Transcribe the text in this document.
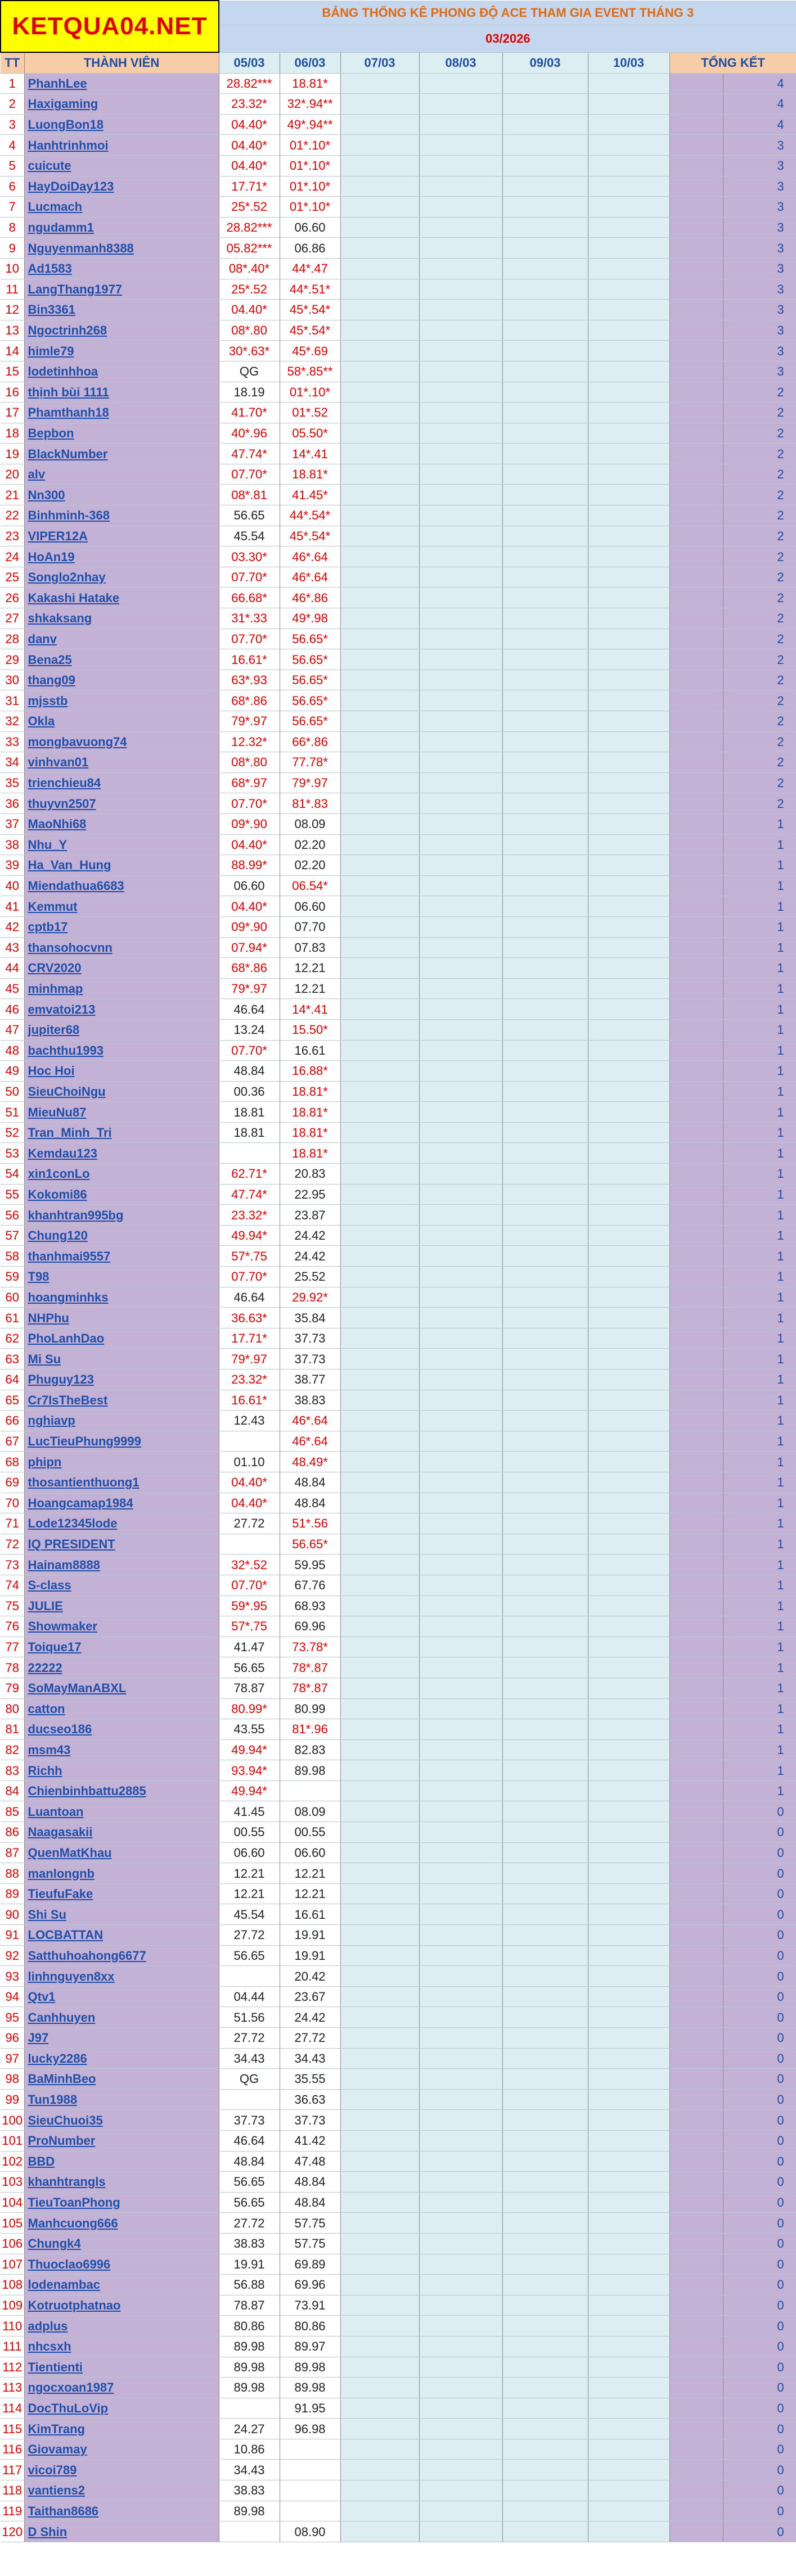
KETQUA04.NET		BẢNG THỐNG KÊ PHONG ĐỘ ACE THAM GIA EVENT THÁNG 3							
		03/2026							
TT	THÀNH VIÊN	05/03	06/03	07/03	08/03	09/03	10/03	TỔNG KẾT	
1	PhanhLee	28.82***	18.81*						4
2	Haxigaming	23.32*	32*.94**						4
3	LuongBon18	04.40*	49*.94**						4
4	Hanhtrinhmoi	04.40*	01*.10*						3
5	cuicute	04.40*	01*.10*						3
6	HayDoiDay123	17.71*	01*.10*						3
7	Lucmach	25*.52	01*.10*						3
8	ngudamm1	28.82***	06.60						3
9	Nguyenmanh8388	05.82***	06.86						3
10	Ad1583	08*.40*	44*.47						3
11	LangThang1977	25*.52	44*.51*						3
12	Bin3361	04.40*	45*.54*						3
13	Ngoctrinh268	08*.80	45*.54*						3
14	himle79	30*.63*	45*.69						3
15	lodetinhhoa	QG	58*.85**						3
16	thịnh bùi 1111	18.19	01*.10*						2
17	Phamthanh18	41.70*	01*.52						2
18	Bepbon	40*.96	05.50*						2
19	BlackNumber	47.74*	14*.41						2
20	alv	07.70*	18.81*						2
21	Nn300	08*.81	41.45*						2
22	Binhminh-368	56.65	44*.54*						2
23	VIPER12A	45.54	45*.54*						2
24	HoAn19	03.30*	46*.64						2
25	Songlo2nhay	07.70*	46*.64						2
26	Kakashi Hatake	66.68*	46*.86						2
27	shkaksang	31*.33	49*.98						2
28	danv	07.70*	56.65*						2
29	Bena25	16.61*	56.65*						2
30	thang09	63*.93	56.65*						2
31	mjsstb	68*.86	56.65*						2
32	Okla	79*.97	56.65*						2
33	mongbavuong74	12.32*	66*.86						2
34	vinhvan01	08*.80	77.78*						2
35	trienchieu84	68*.97	79*.97						2
36	thuyvn2507	07.70*	81*.83						2
37	MaoNhi68	09*.90	08.09						1
38	Nhu_Y	04.40*	02.20						1
39	Ha_Van_Hung	88.99*	02.20						1
40	Miendathua6683	06.60	06.54*						1
41	Kemmut	04.40*	06.60						1
42	cptb17	09*.90	07.70						1
43	thansohocvnn	07.94*	07.83						1
44	CRV2020	68*.86	12.21						1
45	minhmap	79*.97	12.21						1
46	emvatoi213	46.64	14*.41						1
47	jupiter68	13.24	15.50*						1
48	bachthu1993	07.70*	16.61						1
49	Hoc Hoi	48.84	16.88*						1
50	SieuChoiNgu	00.36	18.81*						1
51	MieuNu87	18.81	18.81*						1
52	Tran_Minh_Tri	18.81	18.81*						1
53	Kemdau123		18.81*						1
54	xin1conLo	62.71*	20.83						1
55	Kokomi86	47.74*	22.95						1
56	khanhtran995bg	23.32*	23.87						1
57	Chung120	49.94*	24.42						1
58	thanhmai9557	57*.75	24.42						1
59	T98	07.70*	25.52						1
60	hoangminhks	46.64	29.92*						1
61	NHPhu	36.63*	35.84						1
62	PhoLanhDao	17.71*	37.73						1
63	Mi Su	79*.97	37.73						1
64	Phuguy123	23.32*	38.77						1
65	Cr7IsTheBest	16.61*	38.83						1
66	nghiavp	12.43	46*.64						1
67	LucTieuPhung9999		46*.64						1
68	phipn	01.10	48.49*						1
69	thosantienthuong1	04.40*	48.84						1
70	Hoangcamap1984	04.40*	48.84						1
71	Lode12345lode	27.72	51*.56						1
72	IQ PRESIDENT		56.65*						1
73	Hainam8888	32*.52	59.95						1
74	S-class	07.70*	67.76						1
75	JULIE	59*.95	68.93						1
76	Showmaker	57*.75	69.96						1
77	Toique17	41.47	73.78*						1
78	22222	56.65	78*.87						1
79	SoMayManABXL	78.87	78*.87						1
80	catton	80.99*	80.99						1
81	ducseo186	43.55	81*.96						1
82	msm43	49.94*	82.83						1
83	Richh	93.94*	89.98						1
84	Chienbinhbattu2885	49.94*							1
85	Luantoan	41.45	08.09						0
86	Naagasakii	00.55	00.55						0
87	QuenMatKhau	06.60	06.60						0
88	manlongnb	12.21	12.21						0
89	TieufuFake	12.21	12.21						0
90	Shi Su	45.54	16.61						0
91	LOCBATTAN	27.72	19.91						0
92	Satthuhoahong6677	56.65	19.91						0
93	linhnguyen8xx		20.42						0
94	Qtv1	04.44	23.67						0
95	Canhhuyen	51.56	24.42						0
96	J97	27.72	27.72						0
97	lucky2286	34.43	34.43						0
98	BaMinhBeo	QG	35.55						0
99	Tun1988		36.63						0
100	SieuChuoi35	37.73	37.73						0
101	ProNumber	46.64	41.42						0
102	BBD	48.84	47.48						0
103	khanhtrangls	56.65	48.84						0
104	TieuToanPhong	56.65	48.84						0
105	Manhcuong666	27.72	57.75						0
106	Chungk4	38.83	57.75						0
107	Thuoclao6996	19.91	69.89						0
108	lodenambac	56.88	69.96						0
109	Kotruotphatnao	78.87	73.91						0
110	adplus	80.86	80.86						0
111	nhcsxh	89.98	89.97						0
112	Tientienti	89.98	89.98						0
113	ngocxoan1987	89.98	89.98						0
114	DocThuLoVip		91.95						0
115	KimTrang	24.27	96.98						0
116	Giovamay	10.86							0
117	vicoi789	34.43							0
118	vantiens2	38.83							0
119	Taithan8686	89.98							0
120	D Shin		08.90						0
